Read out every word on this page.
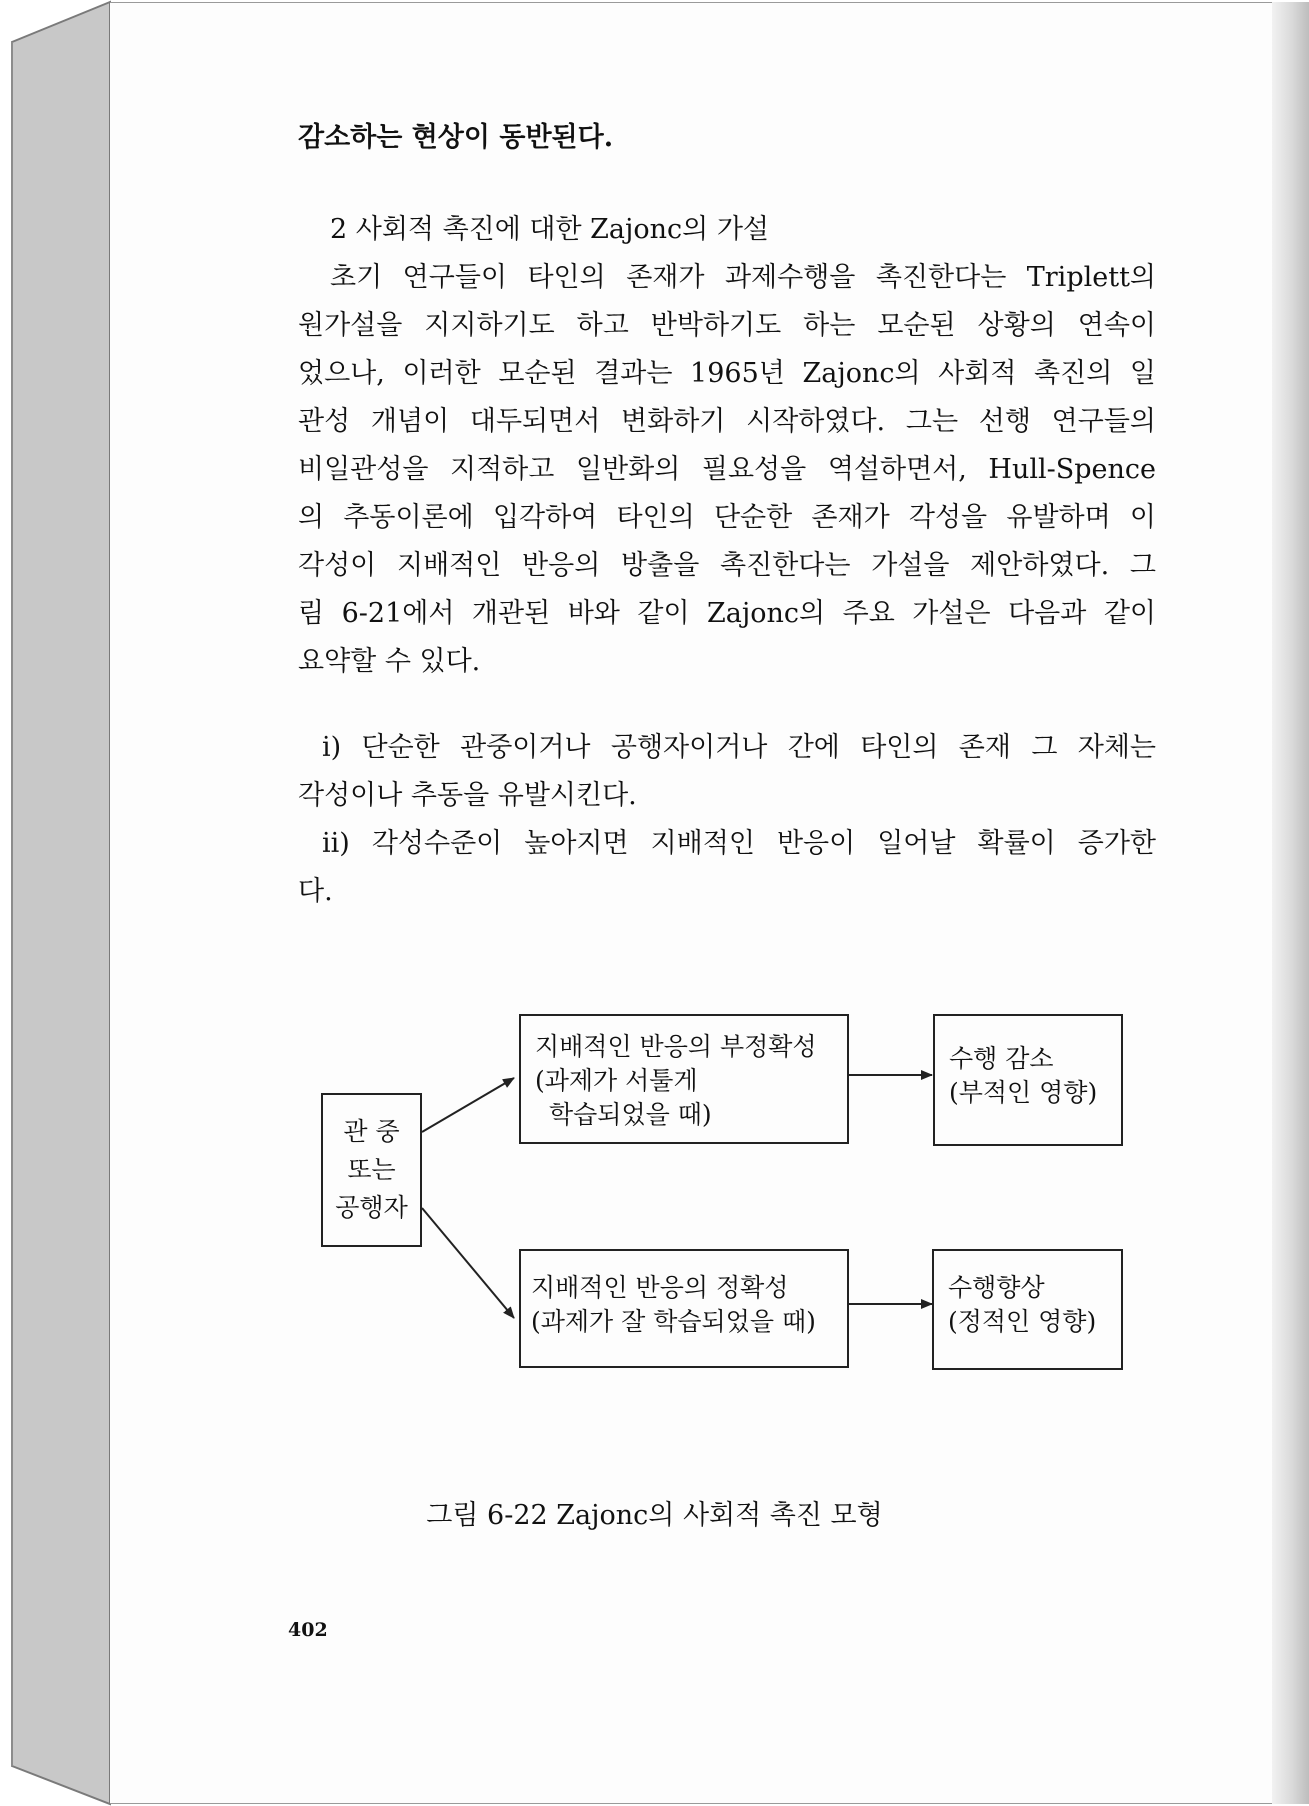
감소하는 현상이 동반된다.
2 사회적 촉진에 대한 Zajonc의 가설
초기 연구들이 타인의 존재가 과제수행을 촉진한다는 Triplett의
원가설을 지지하기도 하고 반박하기도 하는 모순된 상황의 연속이
었으나, 이러한 모순된 결과는 1965년 Zajonc의 사회적 촉진의 일
관성 개념이 대두되면서 변화하기 시작하였다. 그는 선행 연구들의
비일관성을 지적하고 일반화의 필요성을 역설하면서, Hull-Spence
의 추동이론에 입각하여 타인의 단순한 존재가 각성을 유발하며 이
각성이 지배적인 반응의 방출을 촉진한다는 가설을 제안하였다. 그
림 6-21에서 개관된 바와 같이 Zajonc의 주요 가설은 다음과 같이
요약할 수 있다.
i) 단순한 관중이거나 공행자이거나 간에 타인의 존재 그 자체는
각성이나 추동을 유발시킨다.
ii) 각성수준이 높아지면 지배적인 반응이 일어날 확률이 증가한
다.
관 중
또는
공행자
지배적인 반응의 부정확성
(과제가 서툴게
학습되었을 때)
수행 감소
(부적인 영향)
지배적인 반응의 정확성
(과제가 잘 학습되었을 때)
수행향상
(정적인 영향)
그림 6-22 Zajonc의 사회적 촉진 모형
402
